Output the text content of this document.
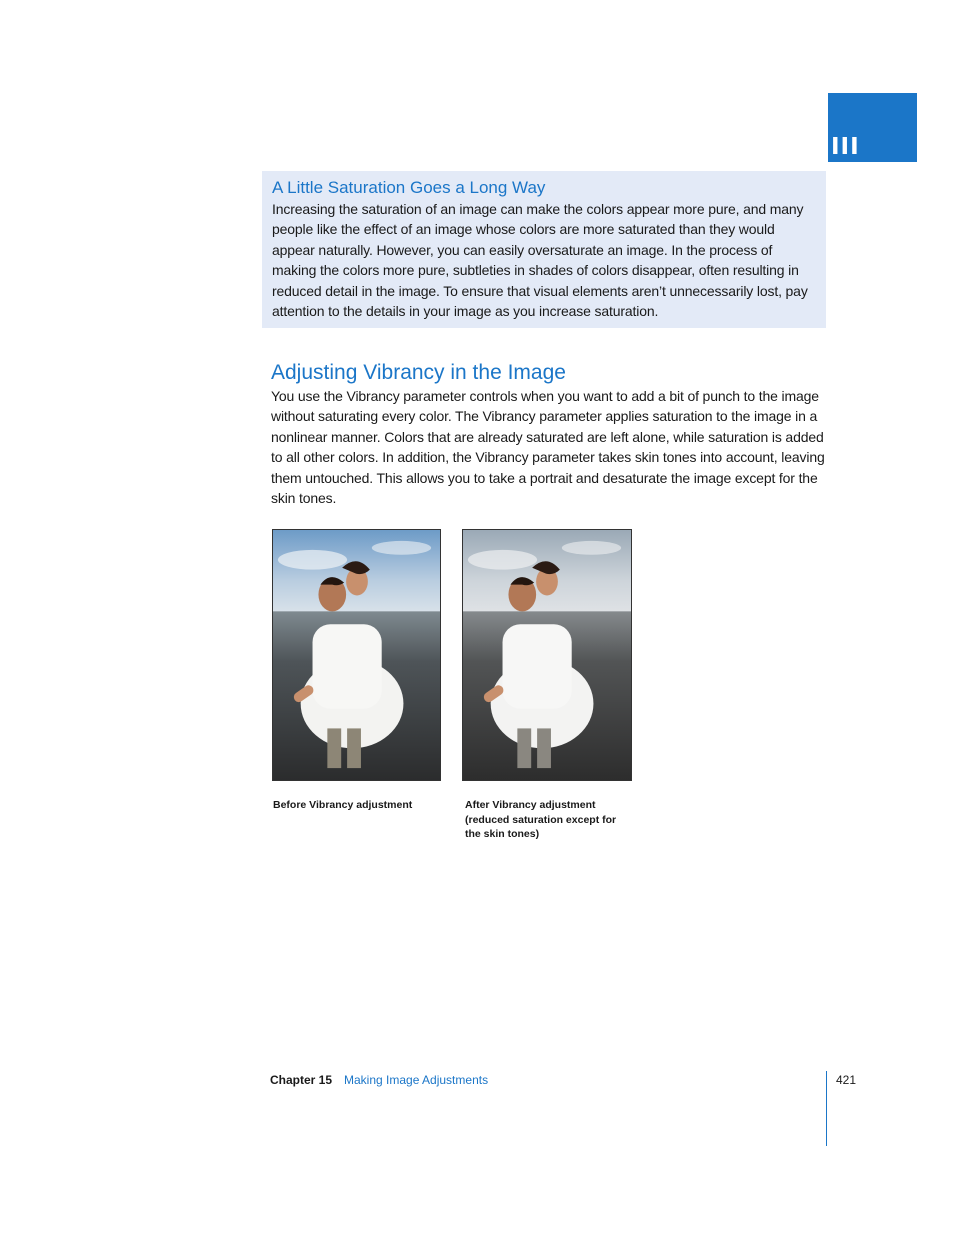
III
A Little Saturation Goes a Long Way

Increasing the saturation of an image can make the colors appear more pure, and many people like the effect of an image whose colors are more saturated than they would appear naturally. However, you can easily oversaturate an image. In the process of making the colors more pure, subtleties in shades of colors disappear, often resulting in reduced detail in the image. To ensure that visual elements aren’t unnecessarily lost, pay attention to the details in your image as you increase saturation.

Adjusting Vibrancy in the Image

You use the Vibrancy parameter controls when you want to add a bit of punch to the image without saturating every color. The Vibrancy parameter applies saturation to the image in a nonlinear manner. Colors that are already saturated are left alone, while saturation is added to all other colors. In addition, the Vibrancy parameter takes skin tones into account, leaving them untouched. This allows you to take a portrait and desaturate the image except for the skin tones.

Before Vibrancy adjustment	After Vibrancy adjustment (reduced saturation except for the skin tones)
Chapter 15 Making Image Adjustments	421
